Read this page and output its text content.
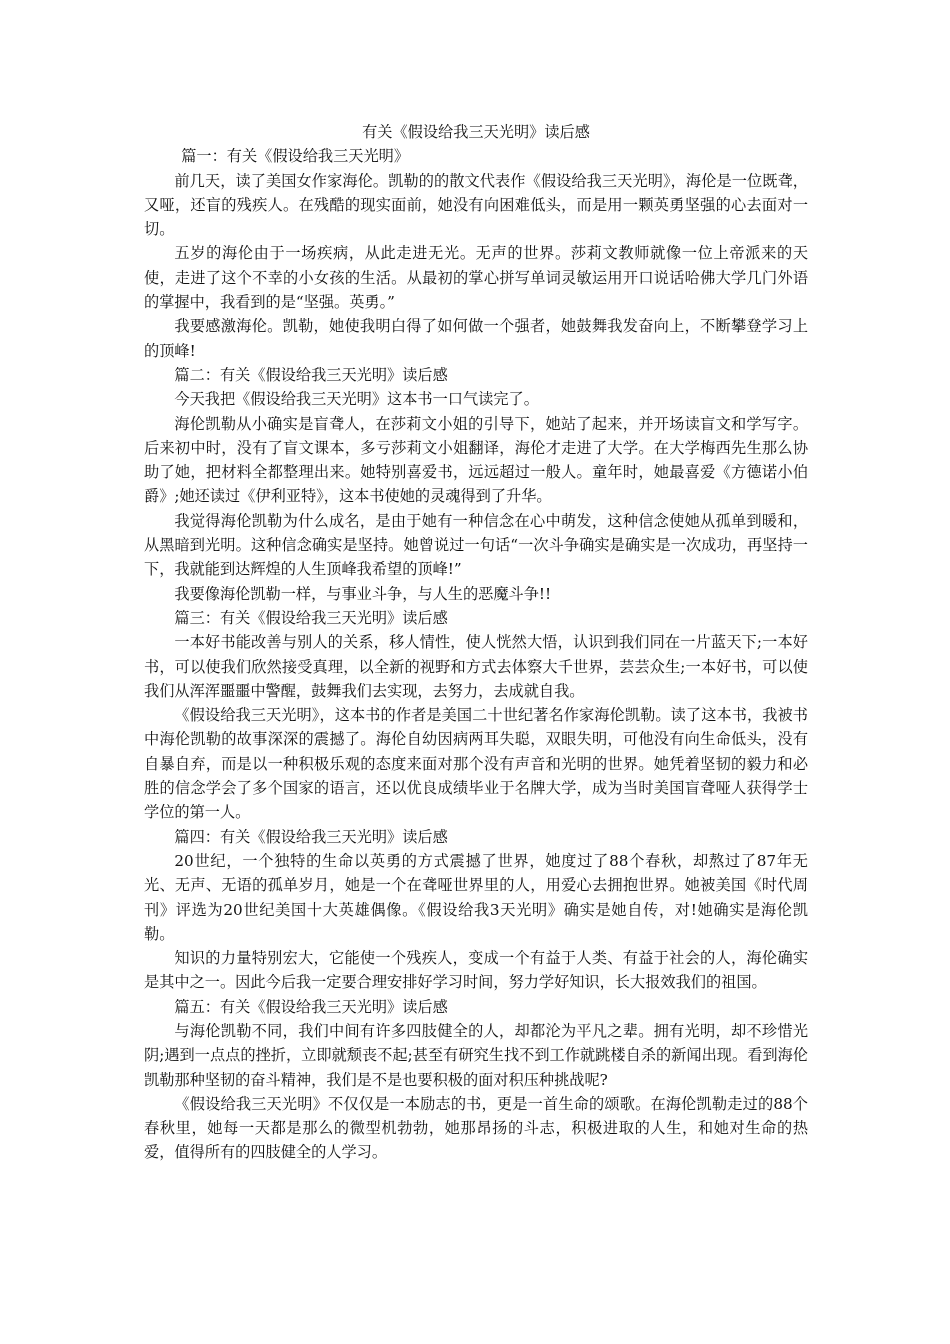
有关《假设给我三天光明》读后感

篇一：有关《假设给我三天光明》

前几天，读了美国女作家海伦。凯勒的的散文代表作《假设给我三天光明》，海伦是一位既聋，又哑，还盲的残疾人。在残酷的现实面前，她没有向困难低头，而是用一颗英勇坚强的心去面对一切。

五岁的海伦由于一场疾病，从此走进无光。无声的世界。莎莉文教师就像一位上帝派来的天使，走进了这个不幸的小女孩的生活。从最初的掌心拼写单词灵敏运用开口说话哈佛大学几门外语的掌握中，我看到的是“坚强。英勇。”

我要感激海伦。凯勒，她使我明白得了如何做一个强者，她鼓舞我发奋向上，不断攀登学习上的顶峰!

篇二：有关《假设给我三天光明》读后感

今天我把《假设给我三天光明》这本书一口气读完了。

海伦凯勒从小确实是盲聋人，在莎莉文小姐的引导下，她站了起来，并开场读盲文和学写字。后来初中时，没有了盲文课本，多亏莎莉文小姐翻译，海伦才走进了大学。在大学梅西先生那么协助了她，把材料全都整理出来。她特别喜爱书，远远超过一般人。童年时，她最喜爱《方德诺小伯爵》;她还读过《伊利亚特》，这本书使她的灵魂得到了升华。

我觉得海伦凯勒为什么成名，是由于她有一种信念在心中萌发，这种信念使她从孤单到暖和，从黑暗到光明。这种信念确实是坚持。她曾说过一句话“一次斗争确实是确实是一次成功，再坚持一下，我就能到达辉煌的人生顶峰我希望的顶峰!”

我要像海伦凯勒一样，与事业斗争，与人生的恶魔斗争!!

篇三：有关《假设给我三天光明》读后感

一本好书能改善与别人的关系，移人情性，使人恍然大悟，认识到我们同在一片蓝天下;一本好书，可以使我们欣然接受真理，以全新的视野和方式去体察大千世界，芸芸众生;一本好书，可以使我们从浑浑噩噩中警醒，鼓舞我们去实现，去努力，去成就自我。

《假设给我三天光明》，这本书的作者是美国二十世纪著名作家海伦凯勒。读了这本书，我被书中海伦凯勒的故事深深的震撼了。海伦自幼因病两耳失聪，双眼失明，可他没有向生命低头，没有自暴自弃，而是以一种积极乐观的态度来面对那个没有声音和光明的世界。她凭着坚韧的毅力和必胜的信念学会了多个国家的语言，还以优良成绩毕业于名牌大学，成为当时美国盲聋哑人获得学士学位的第一人。

篇四：有关《假设给我三天光明》读后感

20世纪，一个独特的生命以英勇的方式震撼了世界，她度过了88个春秋，却熬过了87年无光、无声、无语的孤单岁月，她是一个在聋哑世界里的人，用爱心去拥抱世界。她被美国《时代周刊》评选为20世纪美国十大英雄偶像。《假设给我3天光明》确实是她自传，对!她确实是海伦凯勒。

知识的力量特别宏大，它能使一个残疾人，变成一个有益于人类、有益于社会的人，海伦确实是其中之一。因此今后我一定要合理安排好学习时间，努力学好知识，长大报效我们的祖国。

篇五：有关《假设给我三天光明》读后感

与海伦凯勒不同，我们中间有许多四肢健全的人，却都沦为平凡之辈。拥有光明，却不珍惜光阴;遇到一点点的挫折，立即就颓丧不起;甚至有研究生找不到工作就跳楼自杀的新闻出现。看到海伦凯勒那种坚韧的奋斗精神，我们是不是也要积极的面对积压种挑战呢?

《假设给我三天光明》不仅仅是一本励志的书，更是一首生命的颂歌。在海伦凯勒走过的88个春秋里，她每一天都是那么的微型机勃勃，她那昂扬的斗志，积极进取的人生，和她对生命的热爱，值得所有的四肢健全的人学习。
